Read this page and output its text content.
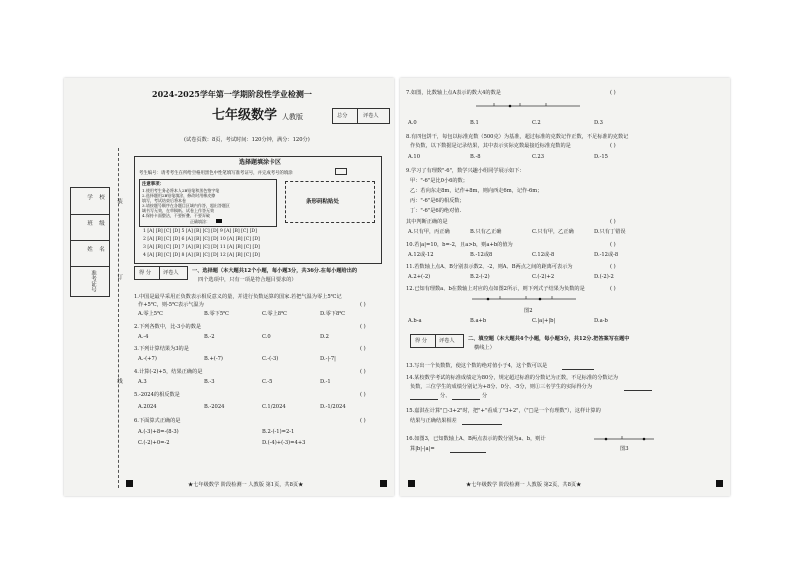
2024-2025学年第一学期阶段性学业检测一
七年级数学 人教版	总分	评卷人
(试卷页数：8页，考试时间：120分钟，满分：120分)
学 校
班 级
姓 名
准考证号
装
订
线
选择题填涂卡区
考生编号：请考考生在所给空格用黑色中性笔填写准考证号，并完成考号的填涂
注意事项：
1.使用考生务必将本人2B铅笔和黑色签字笔
2.选择题用2B铅笔填涂，修改时用橡皮擦
填写，考试结束后将本卷
3.请按题号顺序在各题目区域内作答，超出答题区
域书写无效，在草稿纸、试卷上作答无效
4.保持卡面整洁，不要折叠、不要弄破
正确填涂：
条形码粘贴处
1 [A] [B] [C] [D] 5 [A] [B] [C] [D] 9 [A] [B] [C] [D]
2 [A] [B] [C] [D] 6 [A] [B] [C] [D] 10 [A] [B] [C] [D]
3 [A] [B] [C] [D] 7 [A] [B] [C] [D] 11 [A] [B] [C] [D]
4 [A] [B] [C] [D] 8 [A] [B] [C] [D] 12 [A] [B] [C] [D]
得 分 评卷人	一、选择题（本大题共12个小题，每小题3分，共36分.在每小题给出的
四个选项中，只有一项是符合题目要求的）
1.中国是最早采用正负数表示相反意义的量，并进行负数运算的国家.若把气温为零上5℃记
作+5℃，则-5℃表示气温为	( )
A.零上5℃	B.零下5℃	C.零上8℃	D.零下8℃
2.下列各数中，比-3小的数是	( )
A.-4	B.-2	C.0	D.2
3.下列计算结果为3的是	( )
A.-(+7)	B.+(-7)	C.-(-3)	D.-|-7|
4.计算(-2)+5，结果正确的是	( )
A.3	B.-3	C.-5	D.-1
5.-2024的相反数是	( )
A.2024	B.-2024	C.1/2024	D.-1/2024
6.下面算式正确的是	( )
A.(-3)+8=-(8-3)	B.2-(-1)=2-1
C.(-2)+0=-2	D.(-4)+(-3)=4+3
★七年级数学 阶段检测一 人教版 第1页，共8页★
7.如图，比数轴上点A表示的数大4的数是	( )
A.0	B.1	C.2	D.3
8.有四包饼干，每包以标准克数（500克）为基准，超过标准的克数记作正数，不足标准的克数记
作负数，以下数据是记录结果，其中表示实际克数最接近标准克数的是	( )
A.10	B.-8	C.23	D.-15
9.学习了有理数"-6"，数学兴趣小组同学展示如下：
甲："-6"是比0小6的数；
乙：若向东走8m，记作+8m，则向西走6m，记作-6m；
丙："-6"是6的相反数；
丁："-6"是6的绝对值.
其中判断正确的是	( )
A.只有甲，丙正确	B.只有乙正确	C.只有甲，乙正确	D.只有丁错误
10.若|a|=10，b=-2，且a>b，则a+b的值为	( )
A.12或-12	B.-12或8	C.12或-8	D.-12或-8
11.若数轴上点A、B分别表示数2、-2，则A、B两点之间的距离可表示为	( )
A.2+(-2)	B.2-(-2)	C.(-2)+2	D.(-2)-2
12.已知有理数a、b在数轴上对应的点如图2所示，则下列式子结果为负数的是	( )
图2
A.b-a	B.a+b	C.|a|+|b|	D.a-b
得 分 评卷人	二、填空题（本大题共4个小题，每小题3分，共12分.把答案写在题中
横线上）
13.写出一个负数数，使这个数的绝对值小于4，这个数可以是
14.某校数学考试的标准成绩定为80分，规定超过标准的分数记为正数，不足标准的分数记为
负数，三位学生的成绩分别记为+8分、0分、-5分，则①三名学生的实际得分为
分、	分
15.嘉淇在计算"□-3+2"时，把"+"看成了"3+2"，（"□是一个有理数"），这样计算的
结果与正确结果相差
16.如图3，已知数轴上A、B两点表示的数分别为a、b，则计
算|b|-|a|=	图3
★七年级数学 阶段检测一 人教版 第2页，共8页★
